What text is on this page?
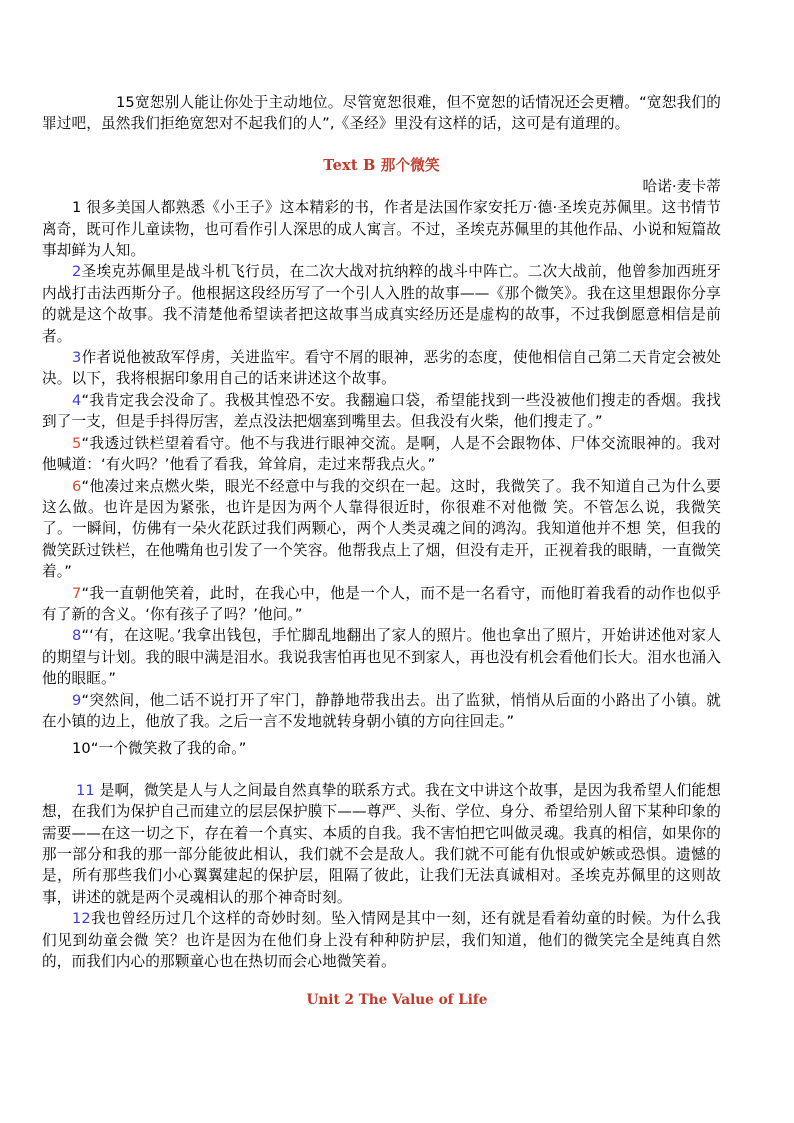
15宽恕别人能让你处于主动地位。尽管宽恕很难，但不宽恕的话情况还会更糟。“宽恕我们的罪过吧，虽然我们拒绝宽恕对不起我们的人”,《圣经》里没有这样的话，这可是有道理的。

Text B 那个微笑

哈诺·麦卡蒂

1 很多美国人都熟悉《小王子》这本精彩的书，作者是法国作家安托万·德·圣埃克苏佩里。这书情节离奇，既可作儿童读物，也可看作引人深思的成人寓言。不过，圣埃克苏佩里的其他作品、小说和短篇故事却鲜为人知。

2圣埃克苏佩里是战斗机飞行员，在二次大战对抗纳粹的战斗中阵亡。二次大战前，他曾参加西班牙内战打击法西斯分子。他根据这段经历写了一个引人入胜的故事——《那个微笑》。我在这里想跟你分享的就是这个故事。我不清楚他希望读者把这故事当成真实经历还是虚构的故事，不过我倒愿意相信是前者。

3作者说他被敌军俘虏，关进监牢。看守不屑的眼神，恶劣的态度，使他相信自己第二天肯定会被处决。以下，我将根据印象用自己的话来讲述这个故事。

4“我肯定我会没命了。我极其惶恐不安。我翻遍口袋，希望能找到一些没被他们搜走的香烟。我找到了一支，但是手抖得厉害，差点没法把烟塞到嘴里去。但我没有火柴，他们搜走了。”

5“我透过铁栏望着看守。他不与我进行眼神交流。是啊，人是不会跟物体、尸体交流眼神的。我对他喊道：‘有火吗？’他看了看我，耸耸肩，走过来帮我点火。”

6“他凑过来点燃火柴，眼光不经意中与我的交织在一起。这时，我微笑了。我不知道自己为什么要这么做。也许是因为紧张，也许是因为两个人靠得很近时，你很难不对他微 笑。不管怎么说，我微笑了。一瞬间，仿佛有一朵火花跃过我们两颗心，两个人类灵魂之间的鸿沟。我知道他并不想 笑，但我的微笑跃过铁栏，在他嘴角也引发了一个笑容。他帮我点上了烟，但没有走开，正视着我的眼睛，一直微笑着。”

7“我一直朝他笑着，此时，在我心中，他是一个人，而不是一名看守，而他盯着我看的动作也似乎有了新的含义。‘你有孩子了吗？’他问。”

8“‘有，在这呢。’我拿出钱包，手忙脚乱地翻出了家人的照片。他也拿出了照片，开始讲述他对家人的期望与计划。我的眼中满是泪水。我说我害怕再也见不到家人，再也没有机会看他们长大。泪水也涌入他的眼眶。”

9“突然间，他二话不说打开了牢门，静静地带我出去。出了监狱，悄悄从后面的小路出了小镇。就在小镇的边上，他放了我。之后一言不发地就转身朝小镇的方向往回走。”

10“一个微笑救了我的命。”

11 是啊，微笑是人与人之间最自然真挚的联系方式。我在文中讲这个故事，是因为我希望人们能想想，在我们为保护自己而建立的层层保护膜下——尊严、头衔、学位、身分、希望给别人留下某种印象的需要——在这一切之下，存在着一个真实、本质的自我。我不害怕把它叫做灵魂。我真的相信，如果你的那一部分和我的那一部分能彼此相认，我们就不会是敌人。我们就不可能有仇恨或妒嫉或恐惧。遗憾的 是，所有那些我们小心翼翼建起的保护层，阻隔了彼此，让我们无法真诚相对。圣埃克苏佩里的这则故事，讲述的就是两个灵魂相认的那个神奇时刻。

12我也曾经历过几个这样的奇妙时刻。坠入情网是其中一刻，还有就是看着幼童的时候。为什么我们见到幼童会微 笑？也许是因为在他们身上没有种种防护层，我们知道，他们的微笑完全是纯真自然的，而我们内心的那颗童心也在热切而会心地微笑着。

Unit 2 The Value of Life
